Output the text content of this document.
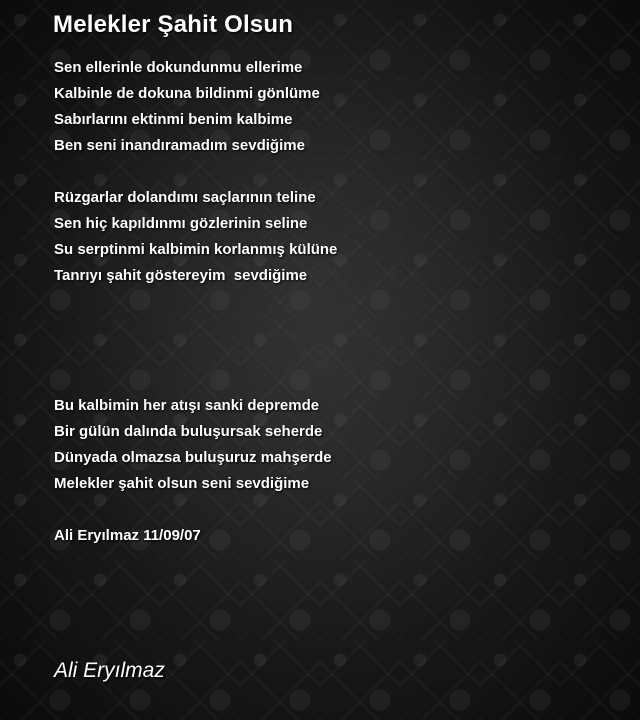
Melekler Şahit Olsun
Sen ellerinle dokundunmu ellerime
Kalbinle de dokuna bildinmi gönlüme
Sabırlarını ektinmi benim kalbime
Ben seni inandıramadım sevdiğime
Rüzgarlar dolandımı saçlarının teline
Sen hiç kapıldınmı gözlerinin seline
Su serptinmi kalbimin korlanmış külüne
Tanrıyı şahit göstereyim  sevdiğime
Bu kalbimin her atışı sanki depremde
Bir gülün dalında buluşursak seherde
Dünyada olmazsa buluşuruz mahşerde
Melekler şahit olsun seni sevdiğime
Ali Eryılmaz 11/09/07
Ali Eryılmaz
